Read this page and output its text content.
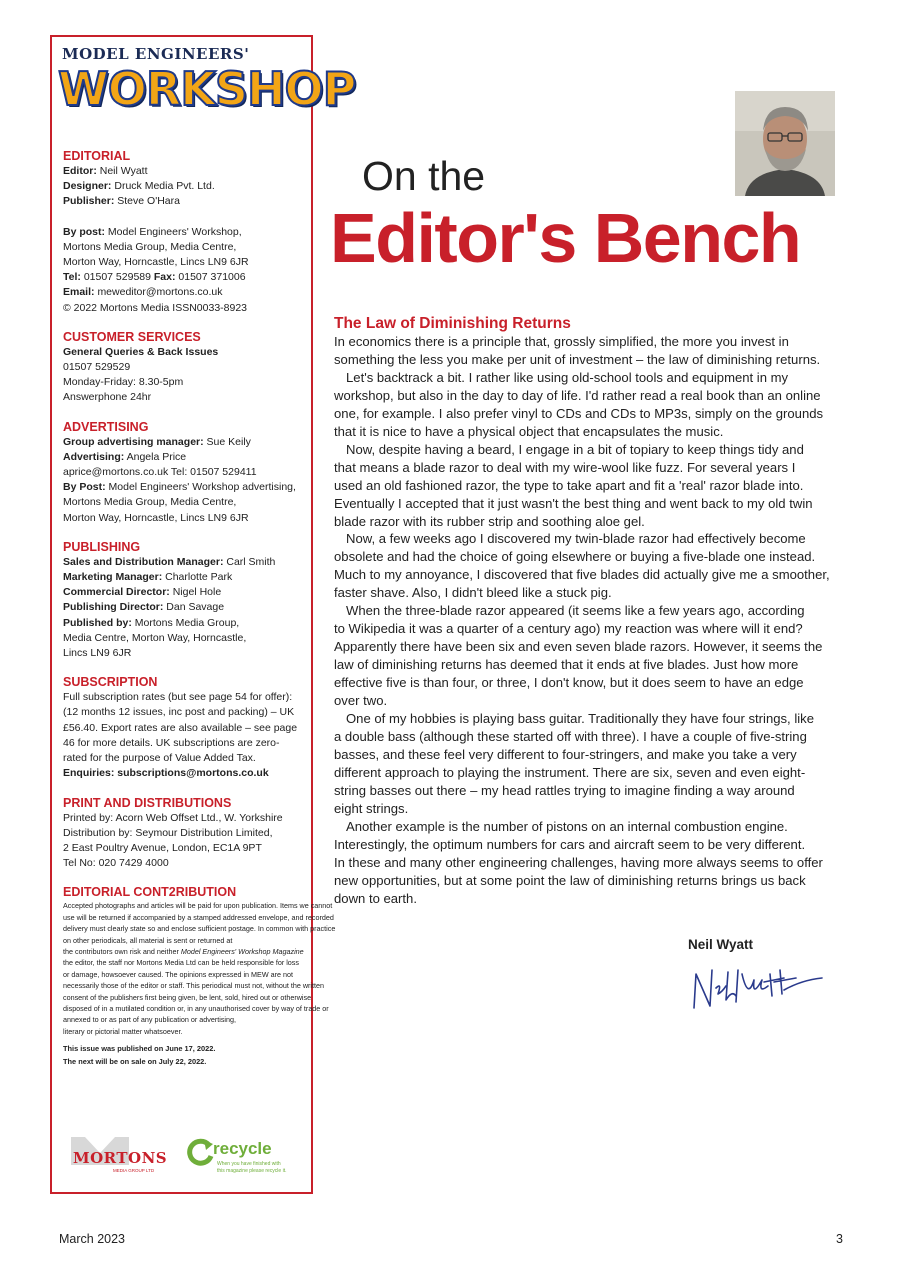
MODEL ENGINEERS'
WORKSHOP
EDITORIAL
Editor: Neil Wyatt
Designer: Druck Media Pvt. Ltd.
Publisher: Steve O'Hara
By post: Model Engineers' Workshop,
Mortons Media Group, Media Centre,
Morton Way, Horncastle, Lincs LN9 6JR
Tel: 01507 529589 Fax: 01507 371006
Email: meweditor@mortons.co.uk
© 2022 Mortons Media ISSN0033-8923
CUSTOMER SERVICES
General Queries & Back Issues
01507 529529
Monday-Friday: 8.30-5pm
Answerphone 24hr
ADVERTISING
Group advertising manager: Sue Keily
Advertising: Angela Price
aprice@mortons.co.uk Tel: 01507 529411
By Post: Model Engineers' Workshop advertising,
Mortons Media Group, Media Centre,
Morton Way, Horncastle, Lincs LN9 6JR
PUBLISHING
Sales and Distribution Manager: Carl Smith
Marketing Manager: Charlotte Park
Commercial Director: Nigel Hole
Publishing Director: Dan Savage
Published by: Mortons Media Group,
Media Centre, Morton Way, Horncastle,
Lincs LN9 6JR
SUBSCRIPTION
Full subscription rates (but see page 54 for offer):
(12 months 12 issues, inc post and packing) – UK
£56.40. Export rates are also available – see page
46 for more details. UK subscriptions are zero-
rated for the purpose of Value Added Tax.
Enquiries: subscriptions@mortons.co.uk
PRINT AND DISTRIBUTIONS
Printed by: Acorn Web Offset Ltd., W. Yorkshire
Distribution by: Seymour Distribution Limited,
2 East Poultry Avenue, London, EC1A 9PT
Tel No: 020 7429 4000
EDITORIAL CONT2RIBUTION
Accepted photographs and articles will be paid for upon publication. Items we cannot
use will be returned if accompanied by a stamped addressed envelope, and recorded
delivery must clearly state so and enclose sufficient postage. In common with practice
on other periodicals, all material is sent or returned at
the contributors own risk and neither Model Engineers' Workshop Magazine
the editor, the staff nor Mortons Media Ltd can be held responsible for loss
or damage, howsoever caused. The opinions expressed in MEW are not
necessarily those of the editor or staff. This periodical must not, without the written
consent of the publishers first being given, be lent, sold, hired out or otherwise
disposed of in a mutilated condition or, in any unauthorised cover by way of trade or
annexed to or as part of any publication or advertising,
literary or pictorial matter whatsoever.
This issue was published on June 17, 2022.
The next will be on sale on July 22, 2022.
MORTONS
MEDIA GROUP LTD
recycle
When you have finished with
this magazine please recycle it.
On the
Editor's Bench
The Law of Diminishing Returns
In economics there is a principle that, grossly simplified, the more you invest in
something the less you make per unit of investment – the law of diminishing returns.
Let's backtrack a bit. I rather like using old-school tools and equipment in my
workshop, but also in the day to day of life. I'd rather read a real book than an online
one, for example. I also prefer vinyl to CDs and CDs to MP3s, simply on the grounds
that it is nice to have a physical object that encapsulates the music.
Now, despite having a beard, I engage in a bit of topiary to keep things tidy and
that means a blade razor to deal with my wire-wool like fuzz. For several years I
used an old fashioned razor, the type to take apart and fit a 'real' razor blade into.
Eventually I accepted that it just wasn't the best thing and went back to my old twin
blade razor with its rubber strip and soothing aloe gel.
Now, a few weeks ago I discovered my twin-blade razor had effectively become
obsolete and had the choice of going elsewhere or buying a five-blade one instead.
Much to my annoyance, I discovered that five blades did actually give me a smoother,
faster shave. Also, I didn't bleed like a stuck pig.
When the three-blade razor appeared (it seems like a few years ago, according
to Wikipedia it was a quarter of a century ago) my reaction was where will it end?
Apparently there have been six and even seven blade razors. However, it seems the
law of diminishing returns has deemed that it ends at five blades. Just how more
effective five is than four, or three, I don't know, but it does seem to have an edge
over two.
One of my hobbies is playing bass guitar. Traditionally they have four strings, like
a double bass (although these started off with three). I have a couple of five-string
basses, and these feel very different to four-stringers, and make you take a very
different approach to playing the instrument. There are six, seven and even eight-
string basses out there – my head rattles trying to imagine finding a way around
eight strings.
Another example is the number of pistons on an internal combustion engine.
Interestingly, the optimum numbers for cars and aircraft seem to be very different.
In these and many other engineering challenges, having more always seems to offer
new opportunities, but at some point the law of diminishing returns brings us back
down to earth.
Neil Wyatt
March 2023	3
